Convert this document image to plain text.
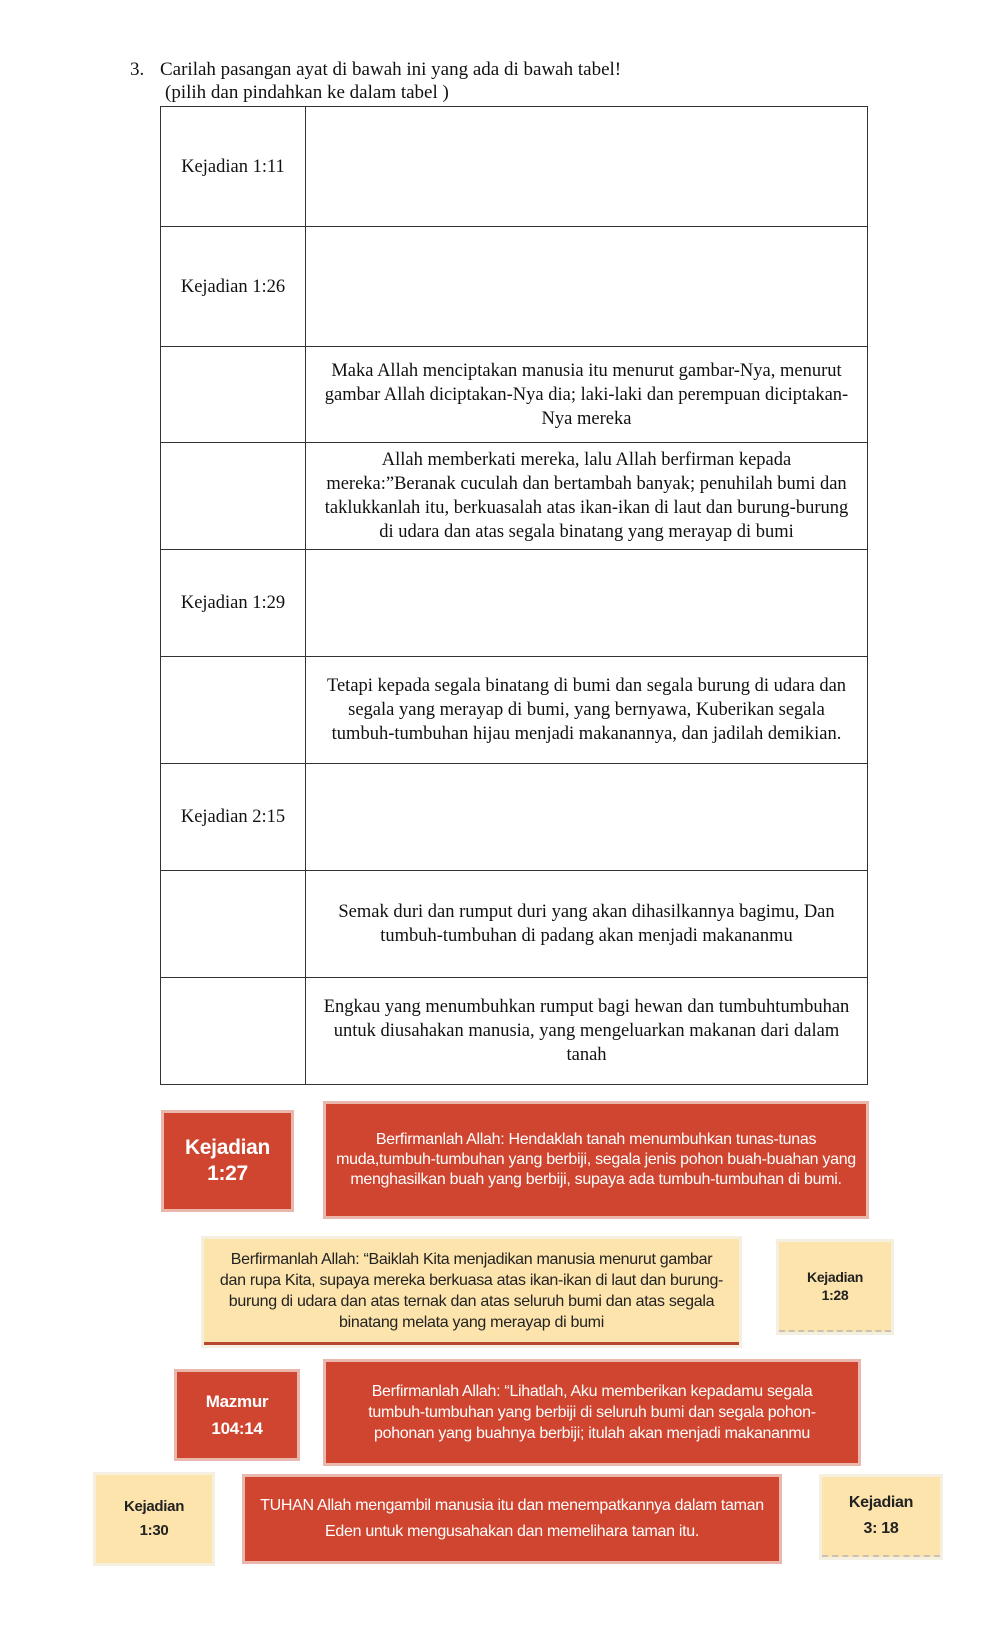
3. Carilah pasangan ayat di bawah ini yang ada di bawah tabel!
(pilih dan pindahkan ke dalam tabel )
Kejadian 1:11	
Kejadian 1:26	
	Maka Allah menciptakan manusia itu menurut gambar-Nya, menurut gambar Allah diciptakan-Nya dia; laki-laki dan perempuan diciptakan-Nya mereka
	Allah memberkati mereka, lalu Allah berfirman kepada mereka:”Beranak cuculah dan bertambah banyak; penuhilah bumi dan taklukkanlah itu, berkuasalah atas ikan-ikan di laut dan burung-burung di udara dan atas segala binatang yang merayap di bumi
Kejadian 1:29	
	Tetapi kepada segala binatang di bumi dan segala burung di udara dan segala yang merayap di bumi, yang bernyawa, Kuberikan segala tumbuh-tumbuhan hijau menjadi makanannya, dan jadilah demikian.
Kejadian 2:15	
	Semak duri dan rumput duri yang akan dihasilkannya bagimu, Dan tumbuh-tumbuhan di padang akan menjadi makananmu
	Engkau yang menumbuhkan rumput bagi hewan dan tumbuhtumbuhan untuk diusahakan manusia, yang mengeluarkan makanan dari dalam tanah
Kejadian 1:27
Berfirmanlah Allah: Hendaklah tanah menumbuhkan tunas-tunas muda,tumbuh-tumbuhan yang berbiji, segala jenis pohon buah-buahan yang menghasilkan buah yang berbiji, supaya ada tumbuh-tumbuhan di bumi.
Berfirmanlah Allah: “Baiklah Kita menjadikan manusia menurut gambar dan rupa Kita, supaya mereka berkuasa atas ikan-ikan di laut dan burung-burung di udara dan atas ternak dan atas seluruh bumi dan atas segala binatang melata yang merayap di bumi
Kejadian 1:28
Mazmur 104:14
Berfirmanlah Allah: “Lihatlah, Aku memberikan kepadamu segala tumbuh-tumbuhan yang berbiji di seluruh bumi dan segala pohon- pohonan yang buahnya berbiji; itulah akan menjadi makananmu
Kejadian 1:30
TUHAN Allah mengambil manusia itu dan menempatkannya dalam taman Eden untuk mengusahakan dan memelihara taman itu.
Kejadian 3: 18
